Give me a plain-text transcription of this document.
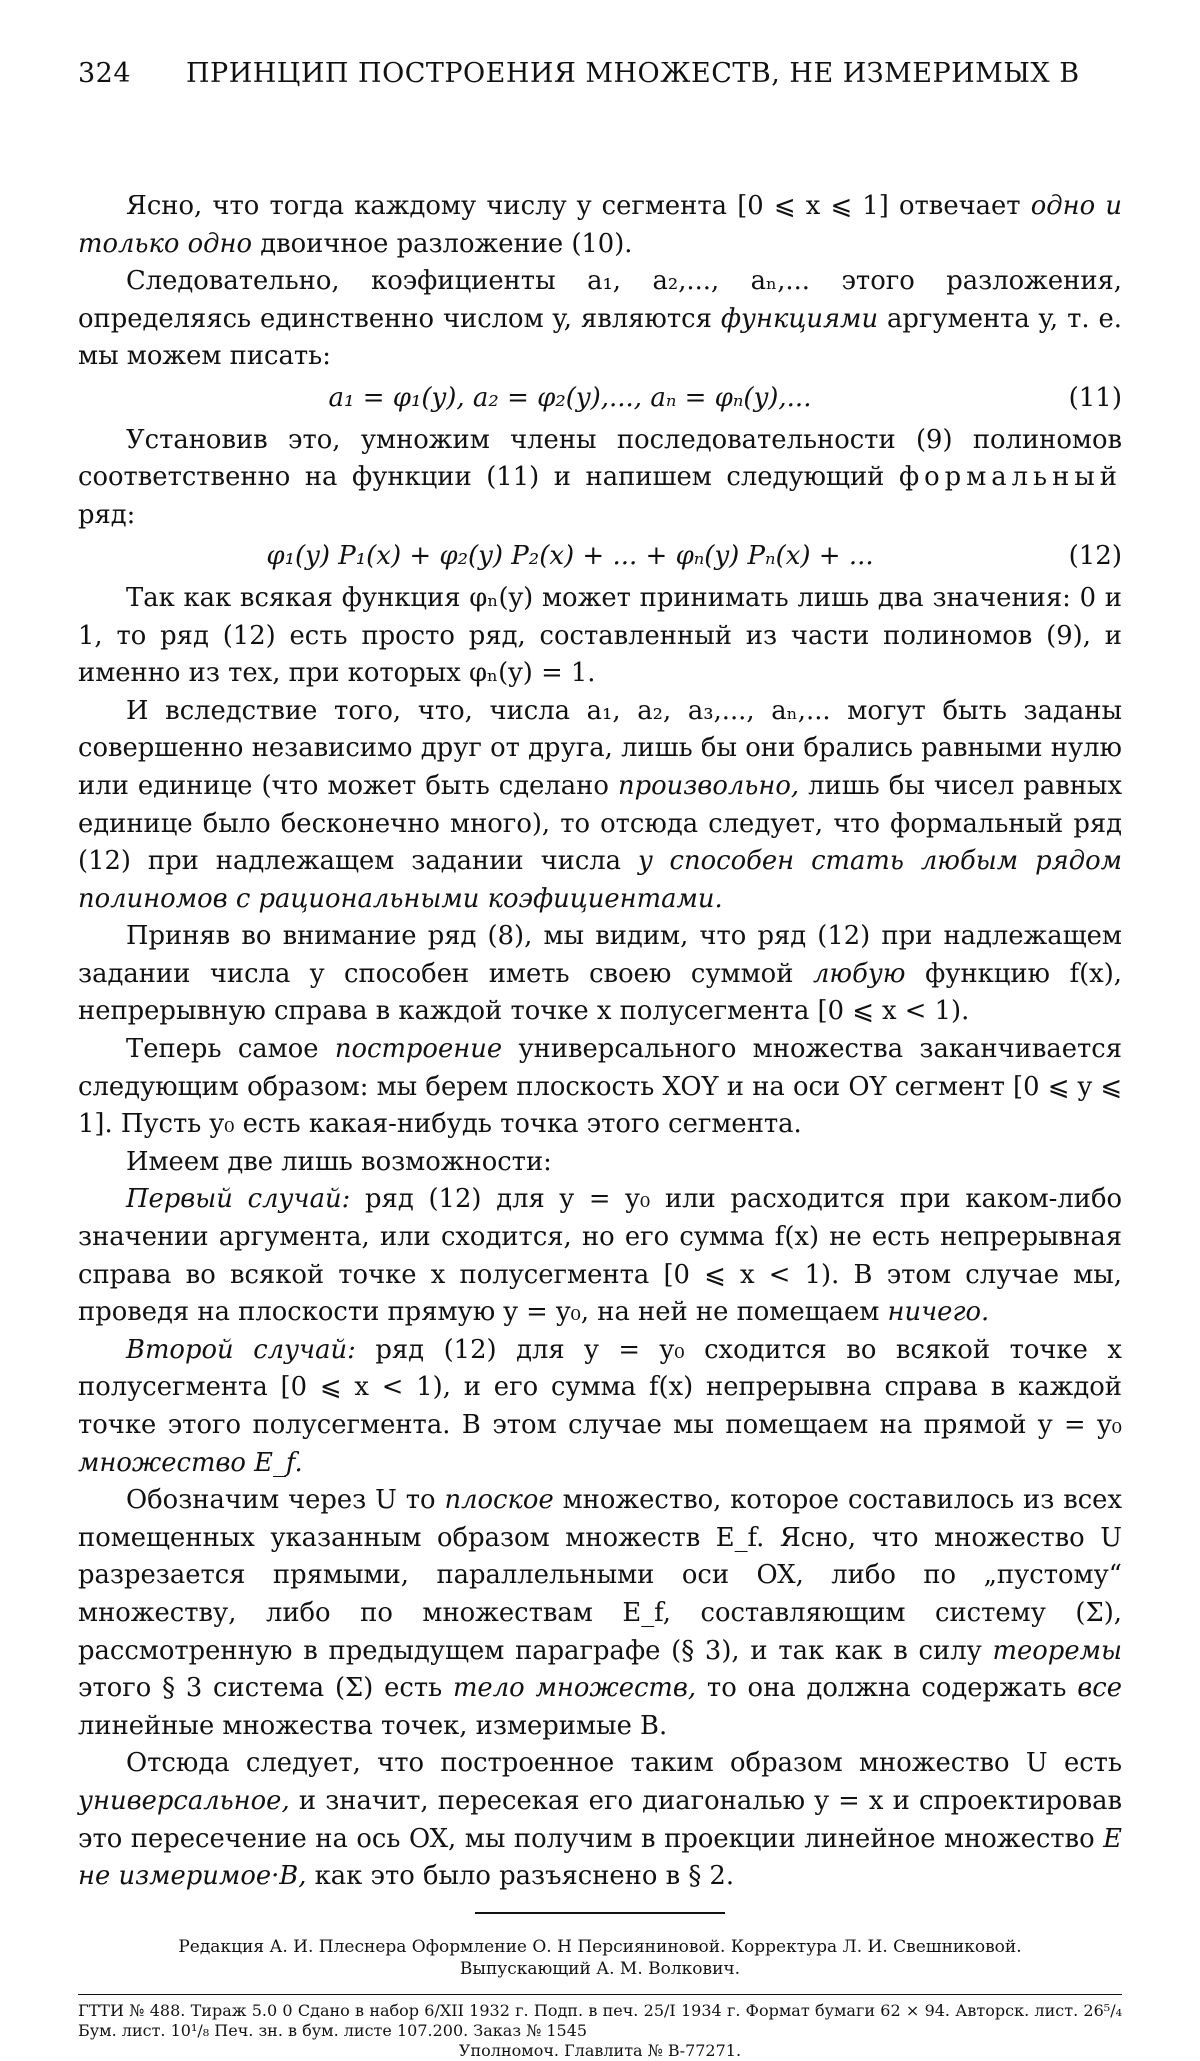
324	ПРИНЦИП ПОСТРОЕНИЯ МНОЖЕСТВ, НЕ ИЗМЕРИМЫХ В

Ясно, что тогда каждому числу y сегмента [0 ⩽ x ⩽ 1] отвечает одно и только одно двоичное разложение (10).

Следовательно, коэфициенты a₁, a₂,..., aₙ,... этого разложения, определяясь единственно числом y, являются функциями аргумента y, т. е. мы можем писать:

a₁ = φ₁(y), a₂ = φ₂(y),..., aₙ = φₙ(y),...	(11)

Установив это, умножим члены последовательности (9) полиномов соответственно на функции (11) и напишем следующий формальный ряд:

φ₁(y) P₁(x) + φ₂(y) P₂(x) + ... + φₙ(y) Pₙ(x) + ...	(12)

Так как всякая функция φₙ(y) может принимать лишь два значения: 0 и 1, то ряд (12) есть просто ряд, составленный из части полиномов (9), и именно из тех, при которых φₙ(y) = 1.

И вследствие того, что, числа a₁, a₂, a₃,..., aₙ,... могут быть заданы совершенно независимо друг от друга, лишь бы они брались равными нулю или единице (что может быть сделано произвольно, лишь бы чисел равных единице было бесконечно много), то отсюда следует, что формальный ряд (12) при надлежащем задании числа y способен стать любым рядом полиномов с рациональными коэфициентами.

Приняв во внимание ряд (8), мы видим, что ряд (12) при надлежащем задании числа y способен иметь своею суммой любую функцию f(x), непрерывную справа в каждой точке x полусегмента [0 ⩽ x < 1).

Теперь самое построение универсального множества заканчивается следующим образом: мы берем плоскость XOY и на оси OY сегмент [0 ⩽ y ⩽ 1]. Пусть y₀ есть какая-нибудь точка этого сегмента.

Имеем две лишь возможности:

Первый случай: ряд (12) для y = y₀ или расходится при каком-либо значении аргумента, или сходится, но его сумма f(x) не есть непрерывная справа во всякой точке x полусегмента [0 ⩽ x < 1). В этом случае мы, проведя на плоскости прямую y = y₀, на ней не помещаем ничего.

Второй случай: ряд (12) для y = y₀ сходится во всякой точке x полусегмента [0 ⩽ x < 1), и его сумма f(x) непрерывна справа в каждой точке этого полусегмента. В этом случае мы помещаем на прямой y = y₀ множество E_f.

Обозначим через U то плоское множество, которое составилось из всех помещенных указанным образом множеств E_f. Ясно, что множество U разрезается прямыми, параллельными оси OX, либо по „пустому“ множеству, либо по множествам E_f, составляющим систему (Σ), рассмотренную в предыдущем параграфе (§ 3), и так как в силу теоремы этого § 3 система (Σ) есть тело множеств, то она должна содержать все линейные множества точек, измеримые B.

Отсюда следует, что построенное таким образом множество U есть универсальное, и значит, пересекая его диагональю y = x и спроектировав это пересечение на ось OX, мы получим в проекции линейное множество E не измеримое·B, как это было разъяснено в § 2.

Редакция А. И. Плеснера Оформление О. Н Персияниновой. Корректура Л. И. Свешниковой.
Выпускающий А. М. Волкович.
ГТТИ № 488. Тираж 5.0 0 Сдано в набор 6/XII 1932 г. Подп. в печ. 25/I 1934 г. Формат бумаги 62 × 94. Авторск. лист. 26⁵/₄ Бум. лист. 10¹/₈ Печ. зн. в бум. листе 107.200. Заказ № 1545
Уполномоч. Главлита № В-77271.
